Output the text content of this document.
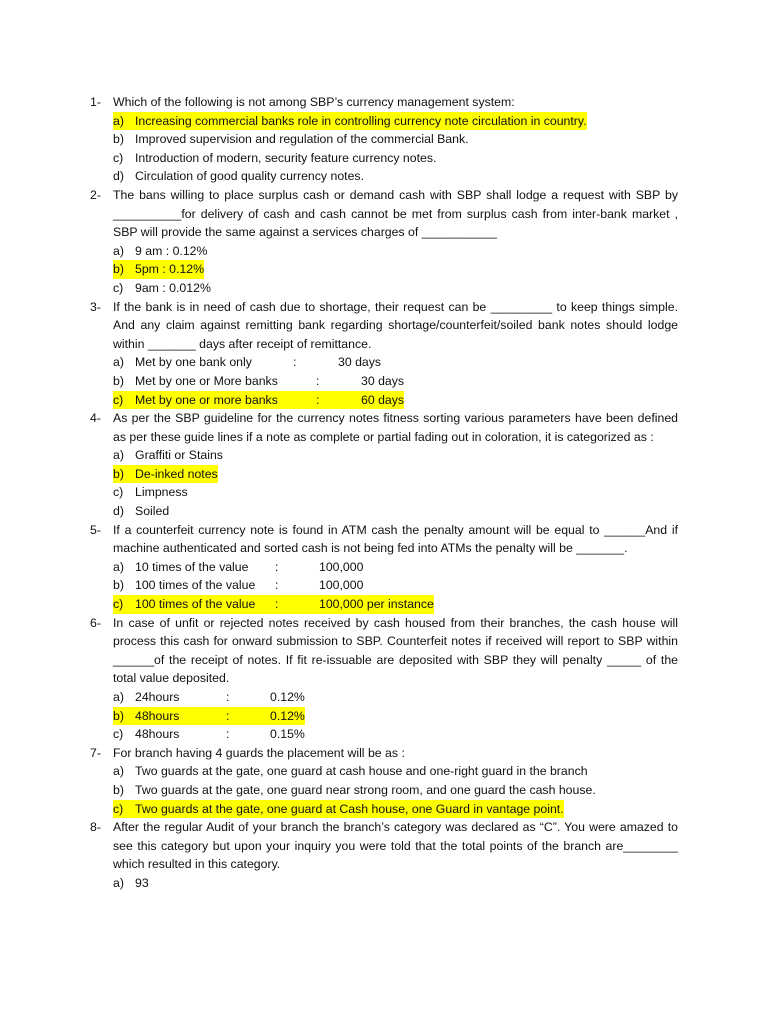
1- Which of the following is not among SBP’s currency management system:
a) Increasing commercial banks role in controlling currency note circulation in country.
b) Improved supervision and regulation of the commercial Bank.
c) Introduction of modern, security feature currency notes.
d) Circulation of good quality currency notes.
2- The bans willing to place surplus cash or demand cash with SBP shall lodge a request with SBP by __________for delivery of cash and cash cannot be met from surplus cash from inter-bank market , SBP will provide the same against a services charges of ___________
a) 9 am : 0.12%
b) 5pm : 0.12%
c) 9am : 0.012%
3- If the bank is in need of cash due to shortage, their request can be _________ to keep things simple. And any claim against remitting bank regarding shortage/counterfeit/soiled bank notes should lodge within _______ days after receipt of remittance.
a) Met by one bank only	:	30 days
b) Met by one or More banks	:	30 days
c) Met by one or more banks	:	60 days
4- As per the SBP guideline for the currency notes fitness sorting various parameters have been defined as per these guide lines if a note as complete or partial fading out in coloration, it is categorized as :
a) Graffiti or Stains
b) De-inked notes
c) Limpness
d) Soiled
5- If a counterfeit currency note is found in ATM cash the penalty amount will be equal to ______And if machine authenticated and sorted cash is not being fed into ATMs the penalty will be _______.
a) 10 times of the value	:	100,000
b) 100 times of the value	:	100,000
c) 100 times of the value	:	100,000 per instance
6- In case of unfit or rejected notes received by cash housed from their branches, the cash house will process this cash for onward submission to SBP. Counterfeit notes if received will report to SBP within ______of the receipt of notes. If fit re-issuable are deposited with SBP they will penalty _____ of the total value deposited.
a) 24hours	:	0.12%
b) 48hours	:	0.12%
c) 48hours	:	0.15%
7- For branch having 4 guards the placement will be as :
a) Two guards at the gate, one guard at cash house and one-right guard in the branch
b) Two guards at the gate, one guard near strong room, and one guard the cash house.
c) Two guards at the gate, one guard at Cash house, one Guard in vantage point.
8- After the regular Audit of your branch the branch’s category was declared as “C”. You were amazed to see this category but upon your inquiry you were told that the total points of the branch are________ which resulted in this category.
a) 93
